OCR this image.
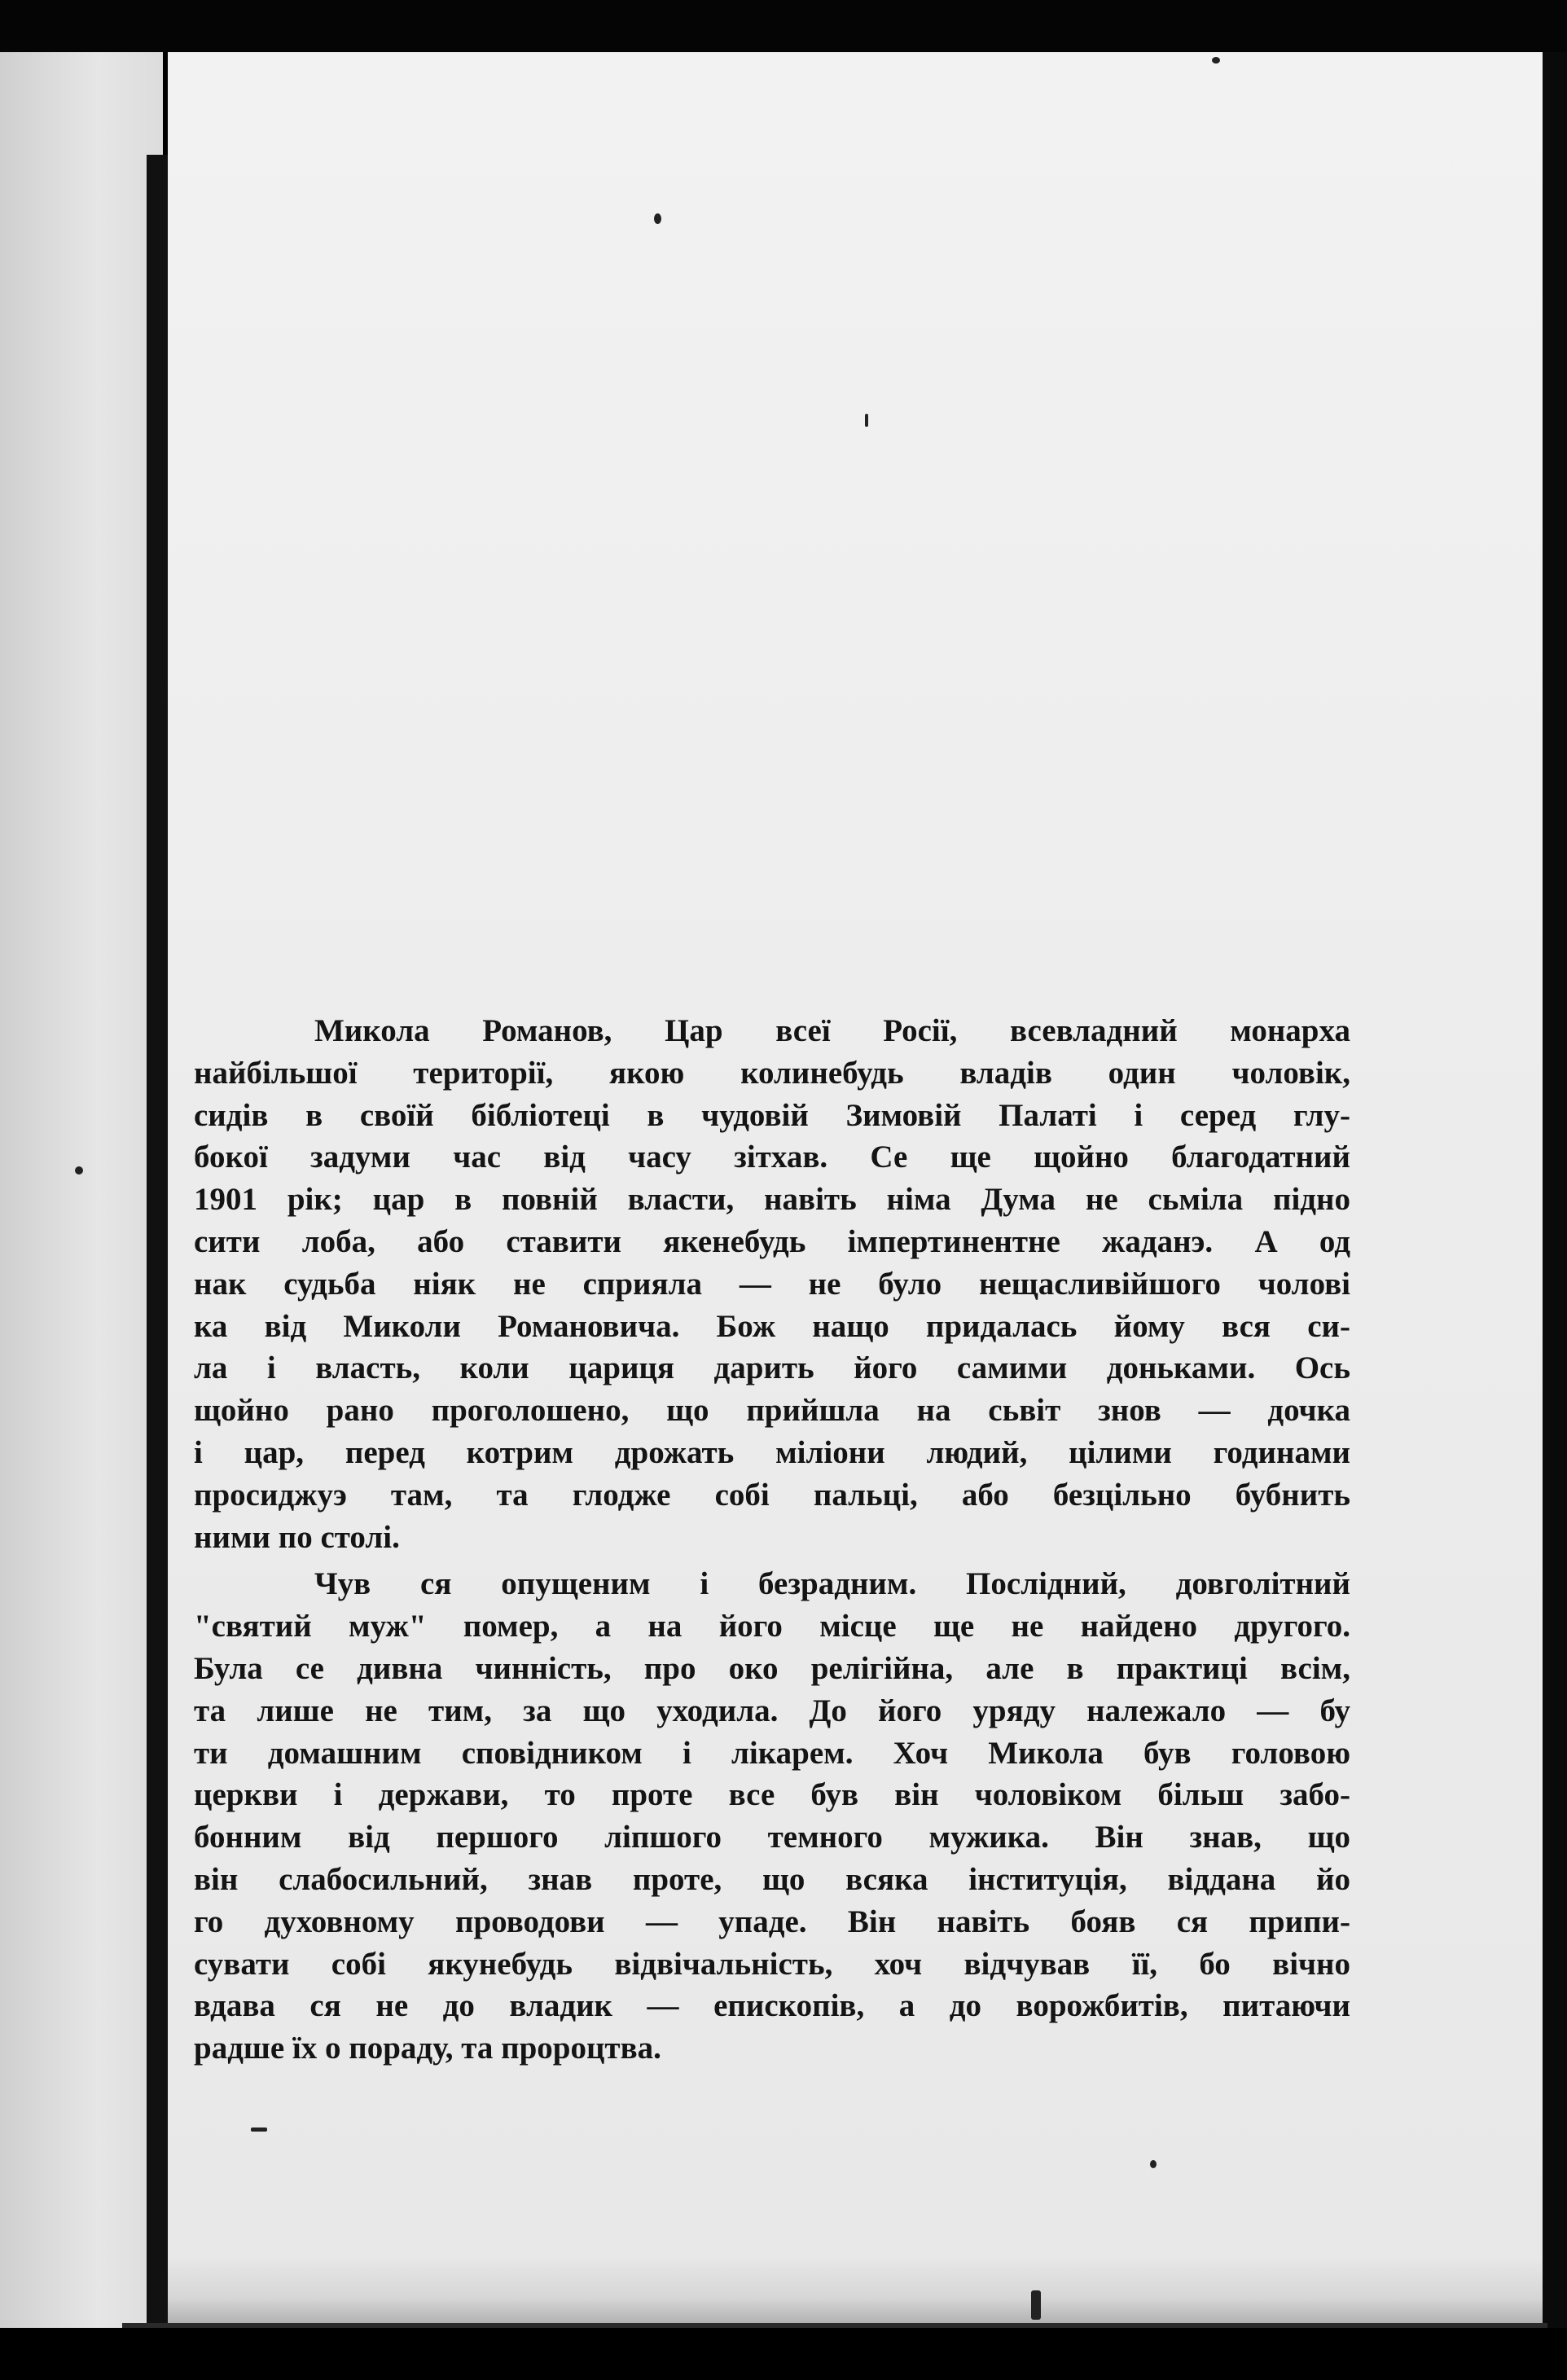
Микола Романов, Цар всеї Росії, всевладний монарха
найбільшої території, якою колинебудь владів один чоловік,
сидів в своїй бібліотеці в чудовій Зимовій Палаті і серед глу-
бокої задуми час від часу зітхав. Се ще щойно благодатний
1901 рік; цар в повній власти, навіть німа Дума не сьміла підно
сити лоба, або ставити якенебудь імпертинентне жаданэ. А од
нак судьба ніяк не сприяла — не було нещасливійшого чолові
ка від Миколи Романовича. Бож нащо придалась йому вся си-
ла і власть, коли цариця дарить його самими доньками. Ось
щойно рано проголошено, що прийшла на сьвіт знов — дочка
і цар, перед котрим дрожать міліони людий, цілими годинами
просиджуэ там, та глодже собі пальці, або безцільно бубнить
ними по столі.
Чув ся опущеним і безрадним. Послідний, довголітний
"святий муж" помер, а на його місце ще не найдено другого.
Була се дивна чинність, про око релігійна, але в практиці всім,
та лише не тим, за що уходила. До його уряду належало — бу
ти домашним сповідником і лікарем. Хоч Микола був головою
церкви і держави, то проте все був він чоловіком більш забо-
бонним від першого ліпшого темного мужика. Він знав, що
він слабосильний, знав проте, що всяка інституція, віддана йо
го духовному проводови — упаде. Він навіть бояв ся припи-
сувати собі якунебудь відвічальність, хоч відчував її, бо вічно
вдава ся не до владик — епископів, а до ворожбитів, питаючи
радше їх о пораду, та пророцтва.
